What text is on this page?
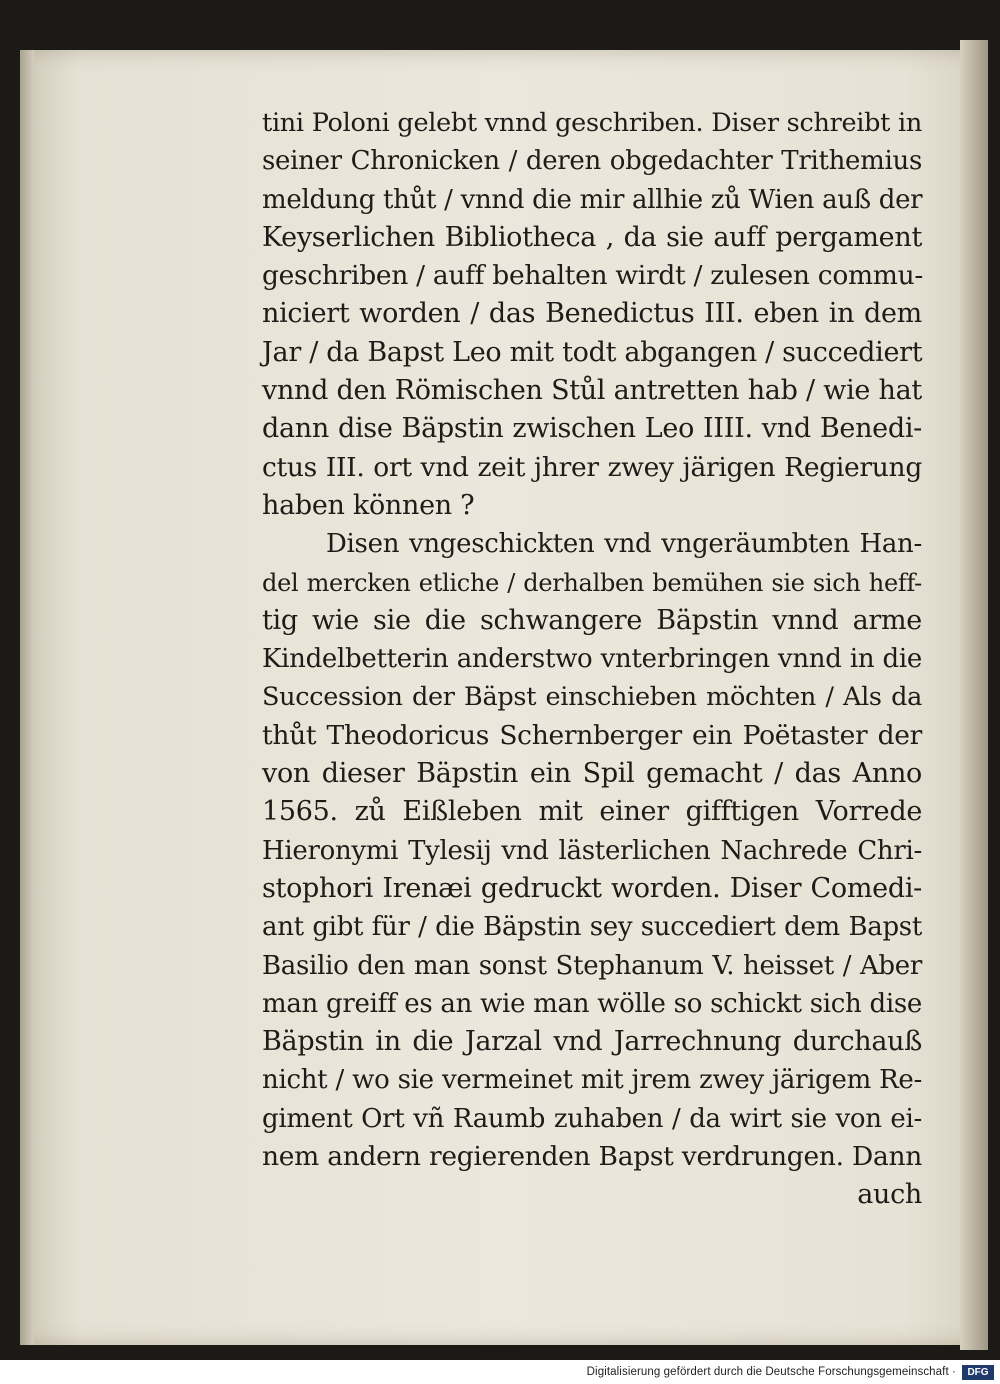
tini Poloni gelebt vnnd geschriben. Diser schreibt in
seiner Chronicken / deren obgedachter Trithemius
meldung thůt / vnnd die mir allhie zů Wien auß der
Keyserlichen Bibliotheca , da sie auff pergament
geschriben / auff behalten wirdt / zulesen commu-
niciert worden / das Benedictus III. eben in dem
Jar / da Bapst Leo mit todt abgangen / succediert
vnnd den Römischen Stůl antretten hab / wie hat
dann dise Bäpstin zwischen Leo IIII. vnd Benedi-
ctus III. ort vnd zeit jhrer zwey järigen Regierung
haben können ?
Disen vngeschickten vnd vngeräumbten Han-
del mercken etliche / derhalben bemühen sie sich heff-
tig wie sie die schwangere Bäpstin vnnd arme
Kindelbetterin anderstwo vnterbringen vnnd in die
Succession der Bäpst einschieben möchten / Als da
thůt Theodoricus Schernberger ein Poëtaster der
von dieser Bäpstin ein Spil gemacht / das Anno
1565. zů Eißleben mit einer gifftigen Vorrede
Hieronymi Tylesij vnd lästerlichen Nachrede Chri-
stophori Irenæi gedruckt worden. Diser Comedi-
ant gibt für / die Bäpstin sey succediert dem Bapst
Basilio den man sonst Stephanum V. heisset / Aber
man greiff es an wie man wölle so schickt sich dise
Bäpstin in die Jarzal vnd Jarrechnung durchauß
nicht / wo sie vermeinet mit jrem zwey järigem Re-
giment Ort vñ Raumb zuhaben / da wirt sie von ei-
nem andern regierenden Bapst verdrungen. Dann
auch
Digitalisierung gefördert durch die Deutsche Forschungsgemeinschaft ·	DFG
